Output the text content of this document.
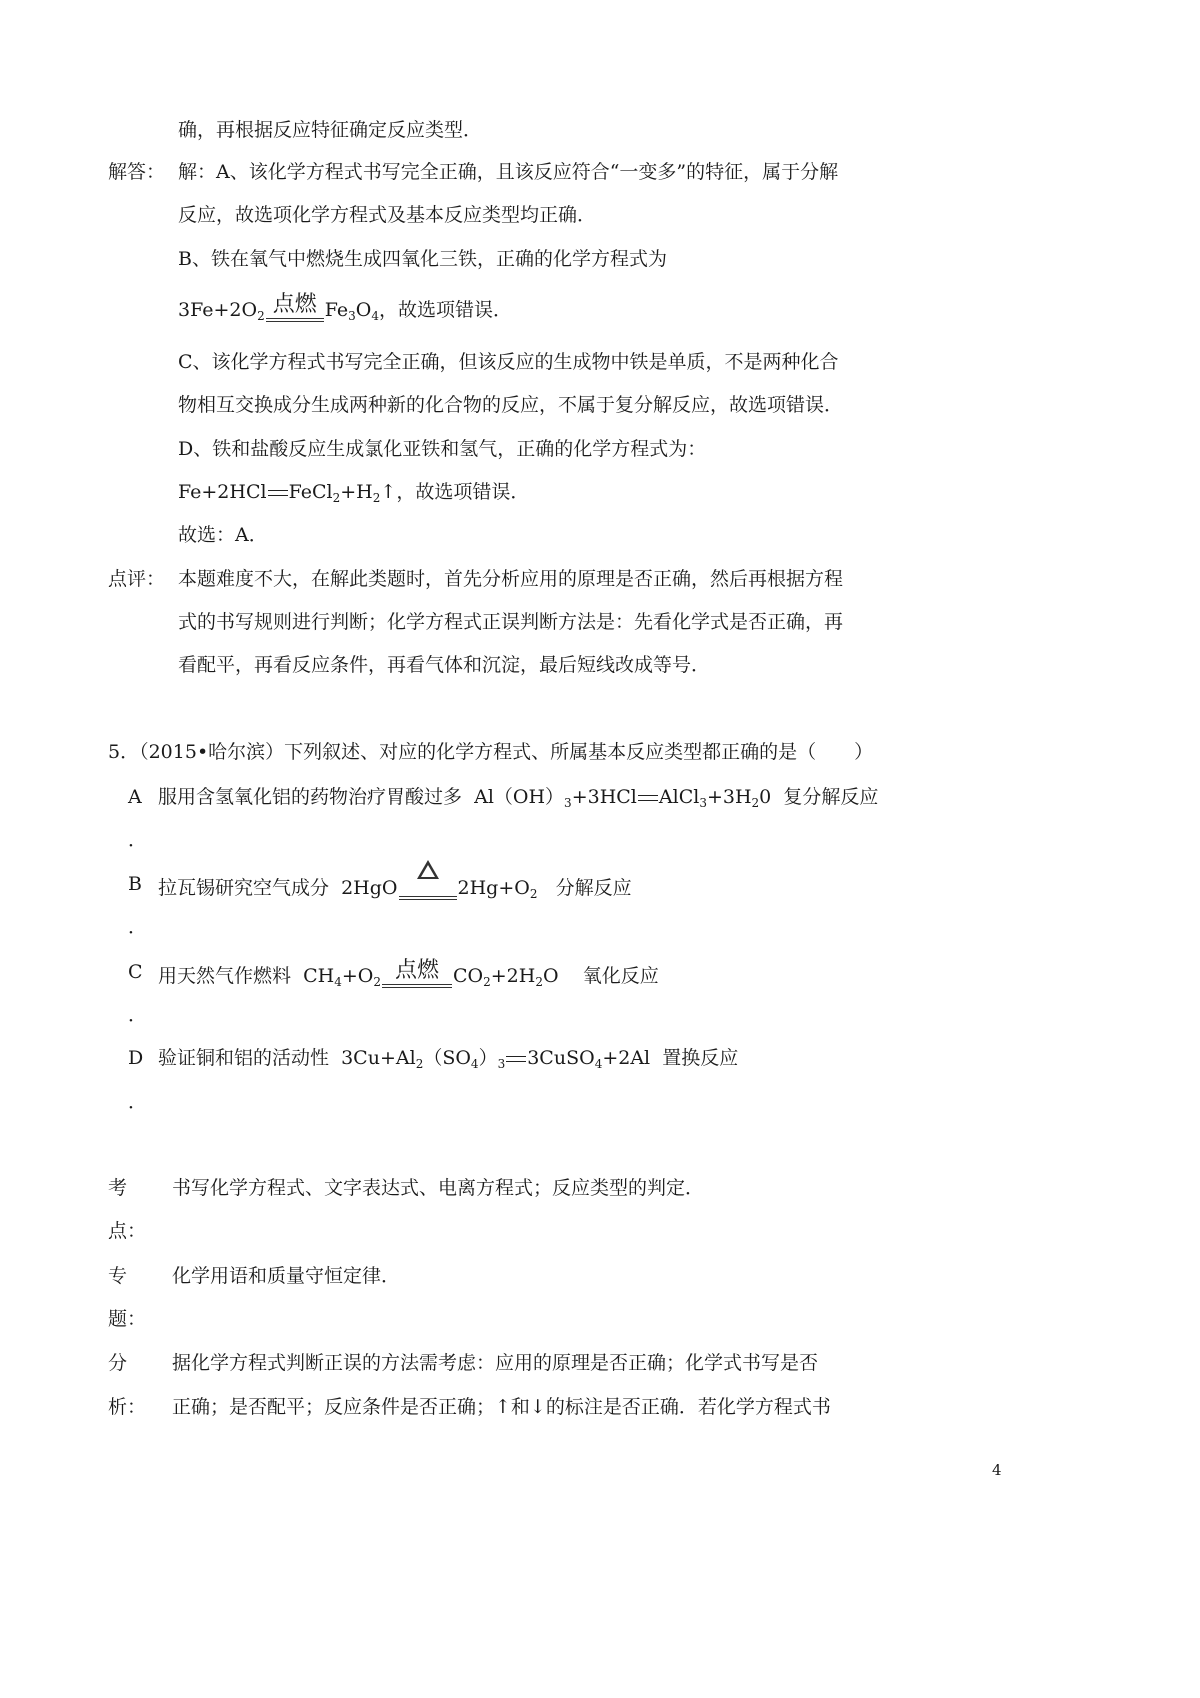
确，再根据反应特征确定反应类型．
解答： 解：A、该化学方程式书写完全正确，且该反应符合“一变多”的特征，属于分解
反应，故选项化学方程式及基本反应类型均正确．
B、铁在氧气中燃烧生成四氧化三铁，正确的化学方程式为
$3Fe+2O_2$ 点燃 $Fe_3O_4$，故选项错误．
C、该化学方程式书写完全正确，但该反应的生成物中铁是单质，不是两种化合
物相互交换成分生成两种新的化合物的反应，不属于复分解反应，故选项错误．
D、铁和盐酸反应生成氯化亚铁和氢气，正确的化学方程式为：
Fe+2HCl $FeCl_2+H_2↑$，故选项错误．
故选：A．
点评： 本题难度不大，在解此类题时，首先分析应用的原理是否正确，然后再根据方程
式的书写规则进行判断；化学方程式正误判断方法是：先看化学式是否正确，再
看配平，再看反应条件，再看气体和沉淀，最后短线改成等号．
5．（2015•哈尔滨）下列叙述、对应的化学方程式、所属基本反应类型都正确的是（　　）
A 服用含氢氧化铝的药物治疗胃酸过多  $Al(OH)_3+3HCl$ $AlCl_3+3H_20$  复分解反应
．
B 拉瓦锡研究空气成分  2HgO	$2Hg+O_2$ 分解反应
．
C 用天然气作燃料  $CH_4+O_2$ 点燃 $CO_2+2H_2O$    氧化反应
．
D 验证铜和铝的活动性  $3Cu+Al_2(SO_4)_3$ 3CuSO$_4$+2Al  置换反应
．
考
点：
书写化学方程式、文字表达式、电离方程式；反应类型的判定．
专
题：
化学用语和质量守恒定律．
分
析：
据化学方程式判断正误的方法需考虑：应用的原理是否正确；化学式书写是否
正确；是否配平；反应条件是否正确；↑和↓的标注是否正确．若化学方程式书
4
